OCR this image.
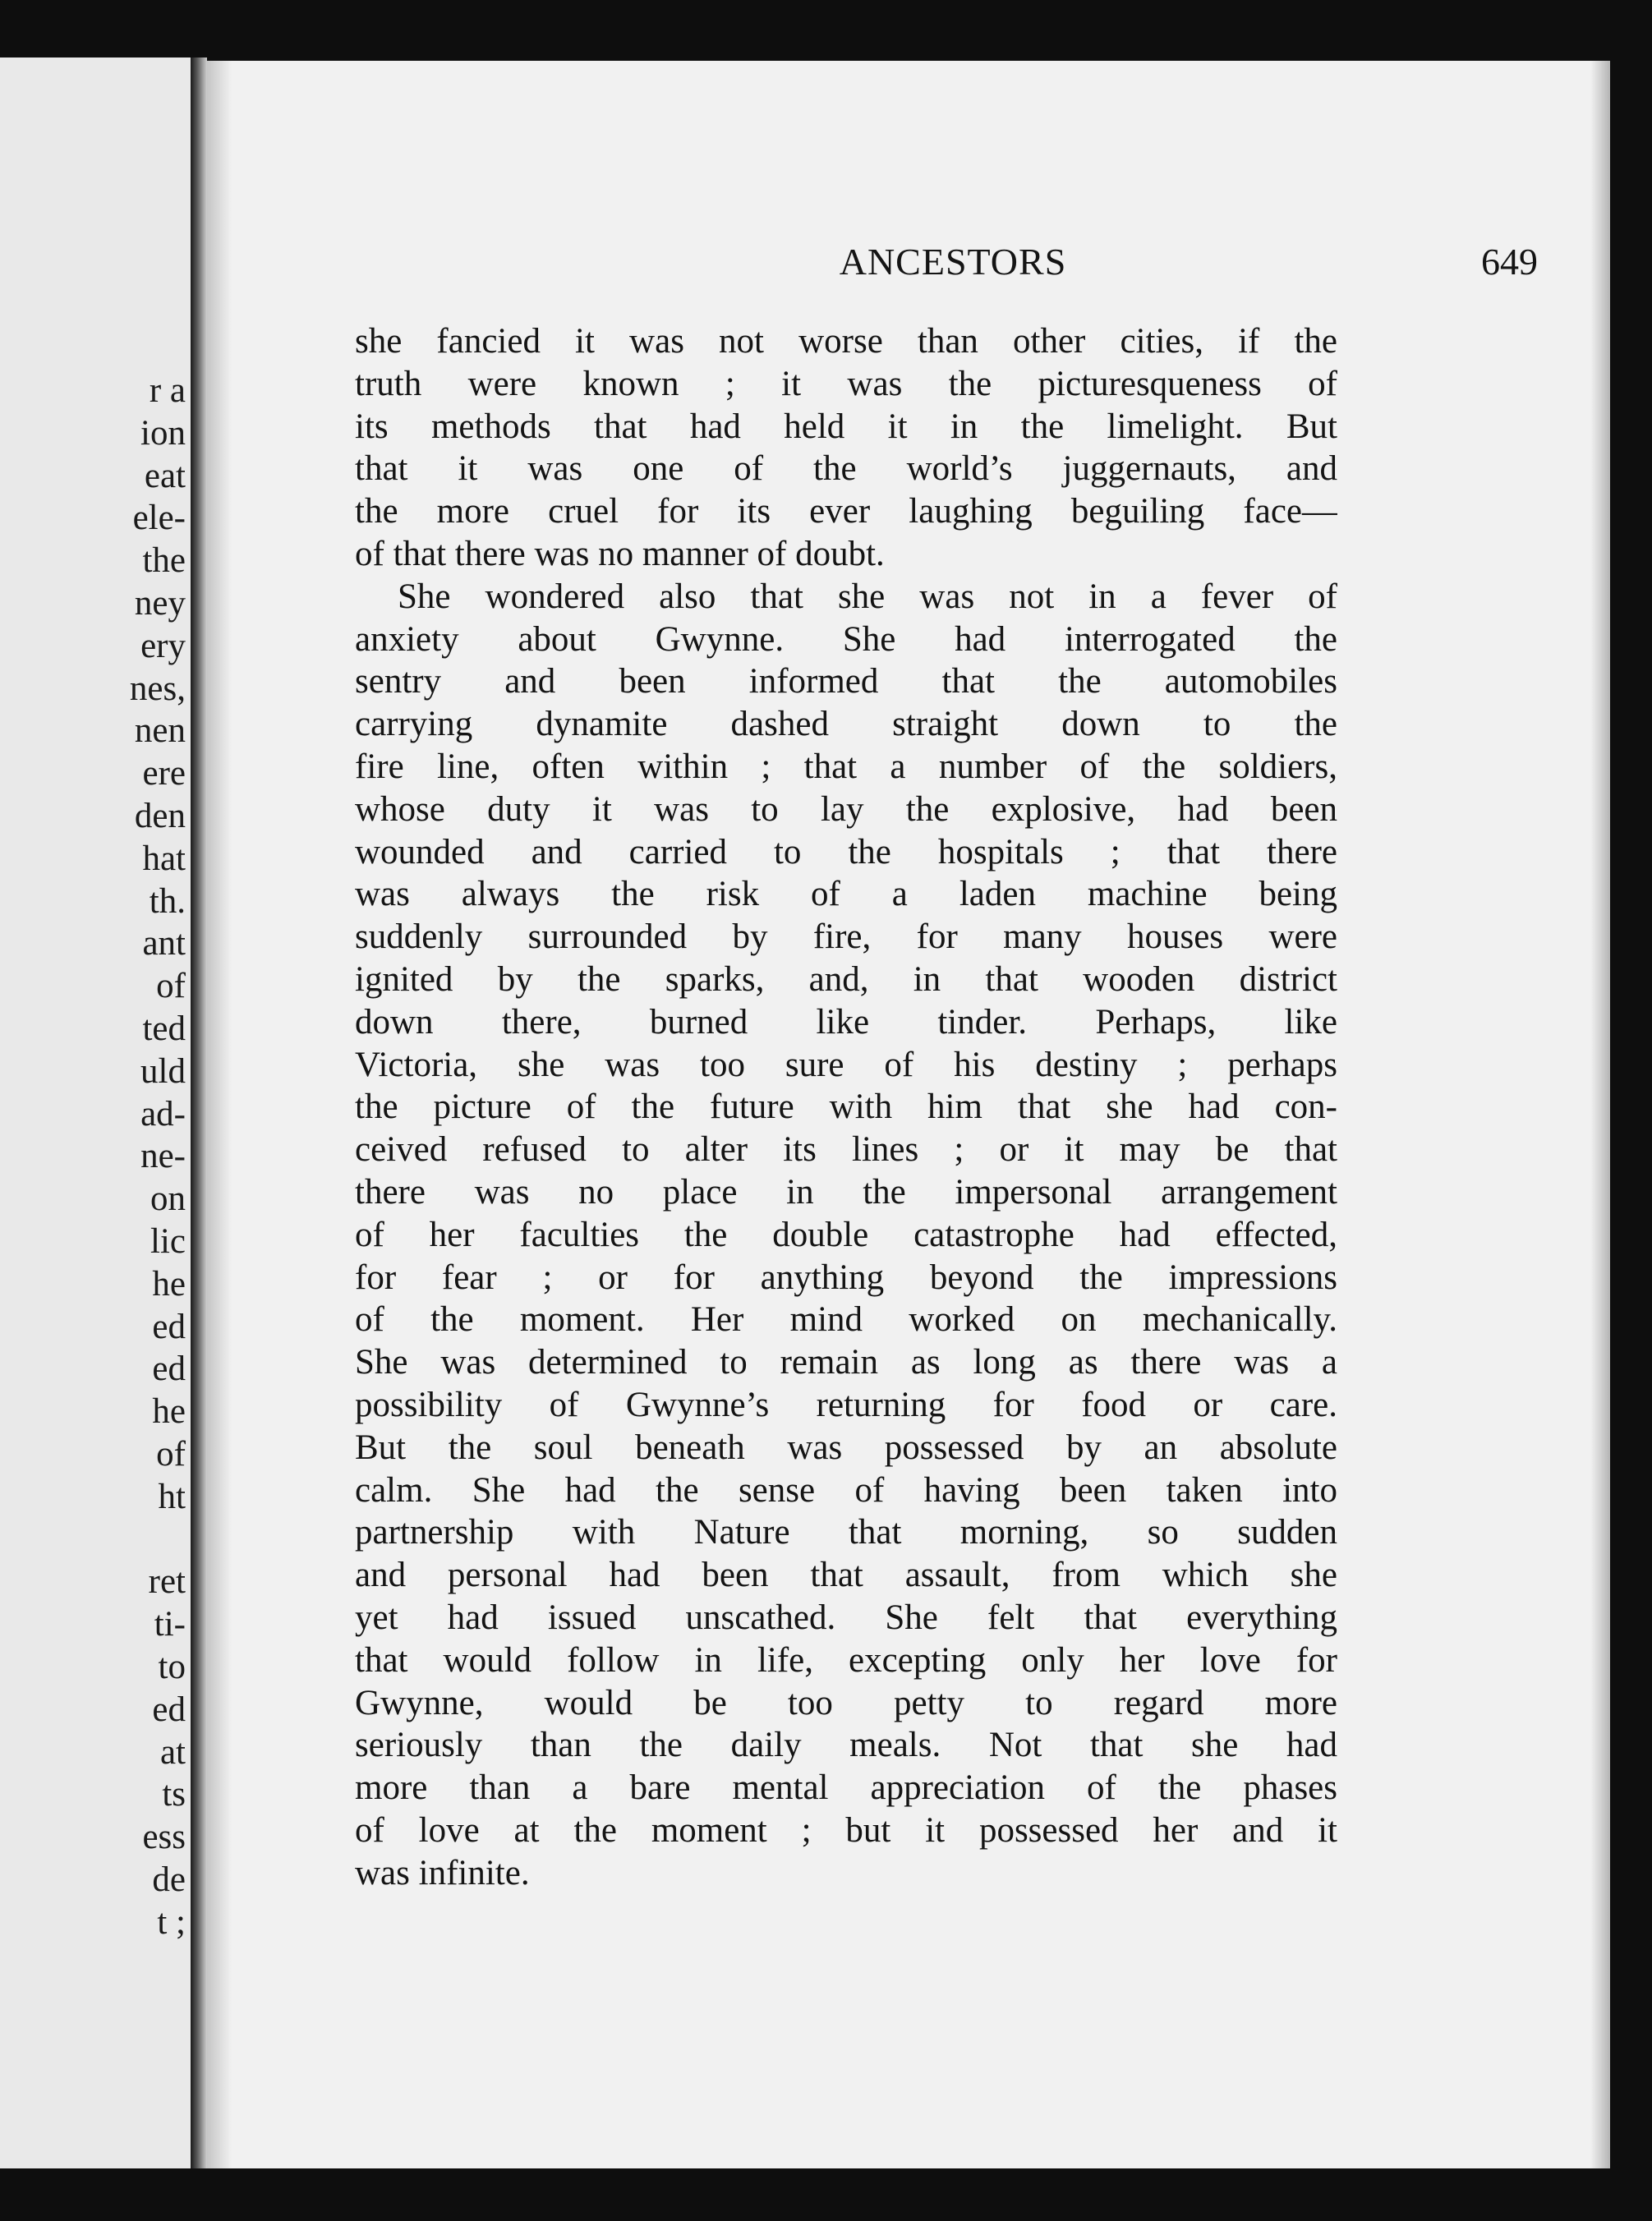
r a
ion
eat
ele-
the
ney
ery
nes,
nen
ere
den
hat
th.
ant
of
ted
uld
ad-
ne-
on
lic
he
ed
ed
he
of
ht
ret
ti-
to
ed
at
ts
ess
de
t ;
ANCESTORS	649
she fancied it was not worse than other cities, if the
truth were known ; it was the picturesqueness of
its methods that had held it in the limelight. But
that it was one of the world’s juggernauts, and
the more cruel for its ever laughing beguiling face—
of that there was no manner of doubt.
She wondered also that she was not in a fever of
anxiety about Gwynne. She had interrogated the
sentry and been informed that the automobiles
carrying dynamite dashed straight down to the
fire line, often within ; that a number of the soldiers,
whose duty it was to lay the explosive, had been
wounded and carried to the hospitals ; that there
was always the risk of a laden machine being
suddenly surrounded by fire, for many houses were
ignited by the sparks, and, in that wooden district
down there, burned like tinder. Perhaps, like
Victoria, she was too sure of his destiny ; perhaps
the picture of the future with him that she had con-
ceived refused to alter its lines ; or it may be that
there was no place in the impersonal arrangement
of her faculties the double catastrophe had effected,
for fear ; or for anything beyond the impressions
of the moment. Her mind worked on mechanically.
She was determined to remain as long as there was a
possibility of Gwynne’s returning for food or care.
But the soul beneath was possessed by an absolute
calm. She had the sense of having been taken into
partnership with Nature that morning, so sudden
and personal had been that assault, from which she
yet had issued unscathed. She felt that everything
that would follow in life, excepting only her love for
Gwynne, would be too petty to regard more
seriously than the daily meals. Not that she had
more than a bare mental appreciation of the phases
of love at the moment ; but it possessed her and it
was infinite.
